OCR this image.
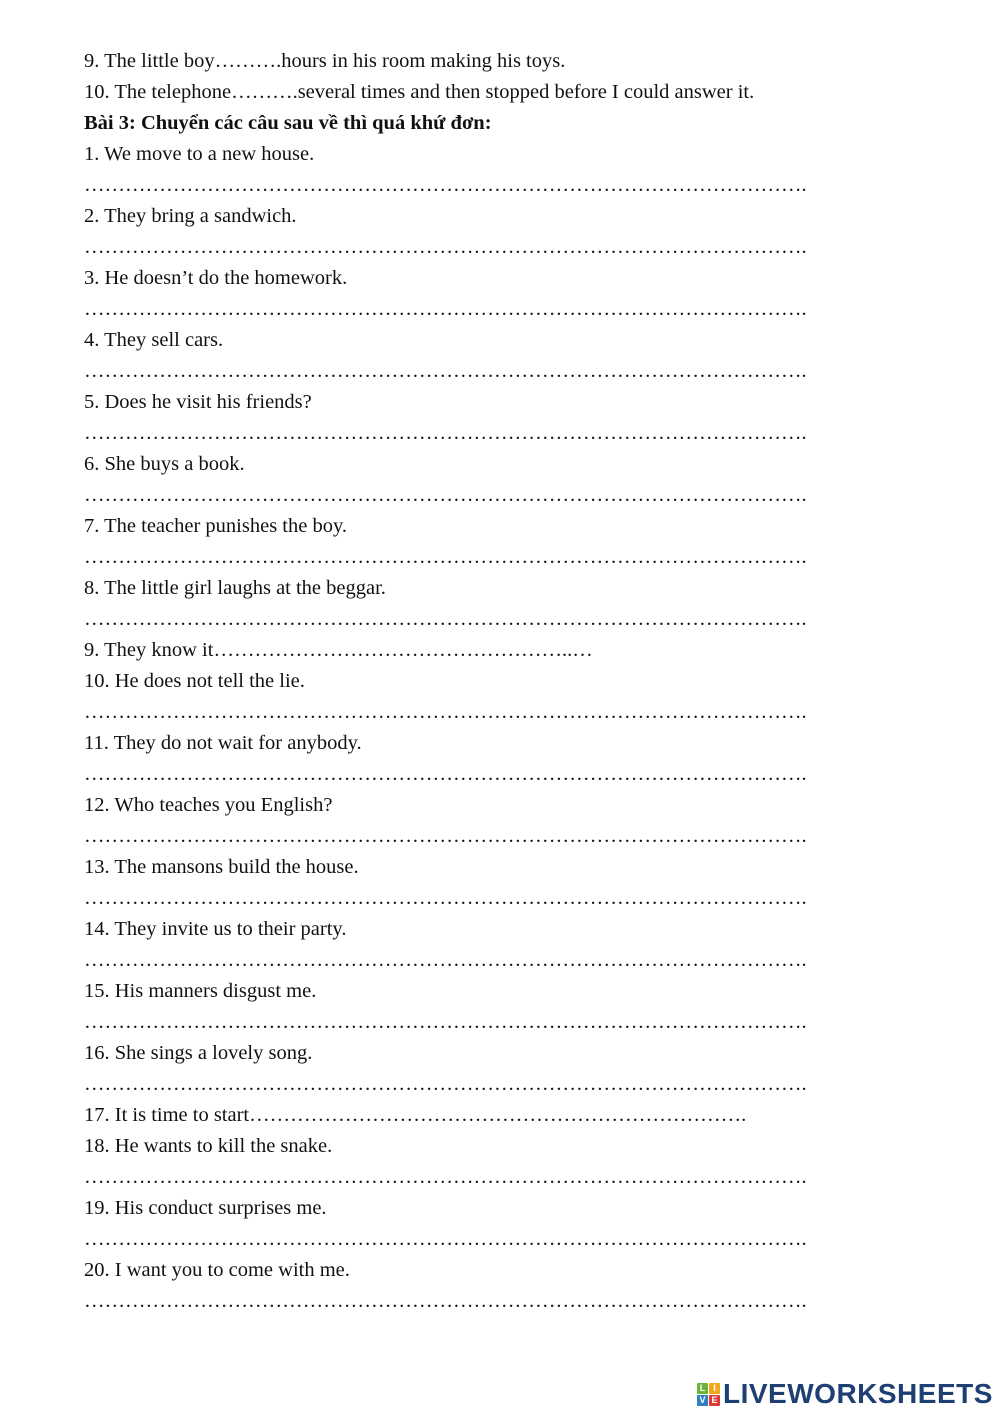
9. The little boy……….hours in his room making his toys.
10. The telephone……….several times and then stopped before I could answer it.
Bài 3: Chuyển các câu sau về thì quá khứ đơn:
1. We move to a new house.
…………………………………………………………………………………………….
2. They bring a sandwich.
…………………………………………………………………………………………….
3. He doesn’t do the homework.
…………………………………………………………………………………………….
4. They sell cars.
…………………………………………………………………………………………….
5. Does he visit his friends?
…………………………………………………………………………………………….
6. She buys a book.
…………………………………………………………………………………………….
7. The teacher punishes the boy.
…………………………………………………………………………………………….
8. The little girl laughs at the beggar.
…………………………………………………………………………………………….
9. They know it……………………………………………..…
10. He does not tell the lie.
…………………………………………………………………………………………….
11. They do not wait for anybody.
…………………………………………………………………………………………….
12. Who teaches you English?
…………………………………………………………………………………………….
13. The mansons build the house.
…………………………………………………………………………………………….
14. They invite us to their party.
…………………………………………………………………………………………….
15. His manners disgust me.
…………………………………………………………………………………………….
16. She sings a lovely song.
…………………………………………………………………………………………….
17. It is time to start……………………………………………………………….
18. He wants to kill the snake.
…………………………………………………………………………………………….
19. His conduct surprises me.
…………………………………………………………………………………………….
20. I want you to come with me.
…………………………………………………………………………………………….
L I
V E LIVEWORKSHEETS
